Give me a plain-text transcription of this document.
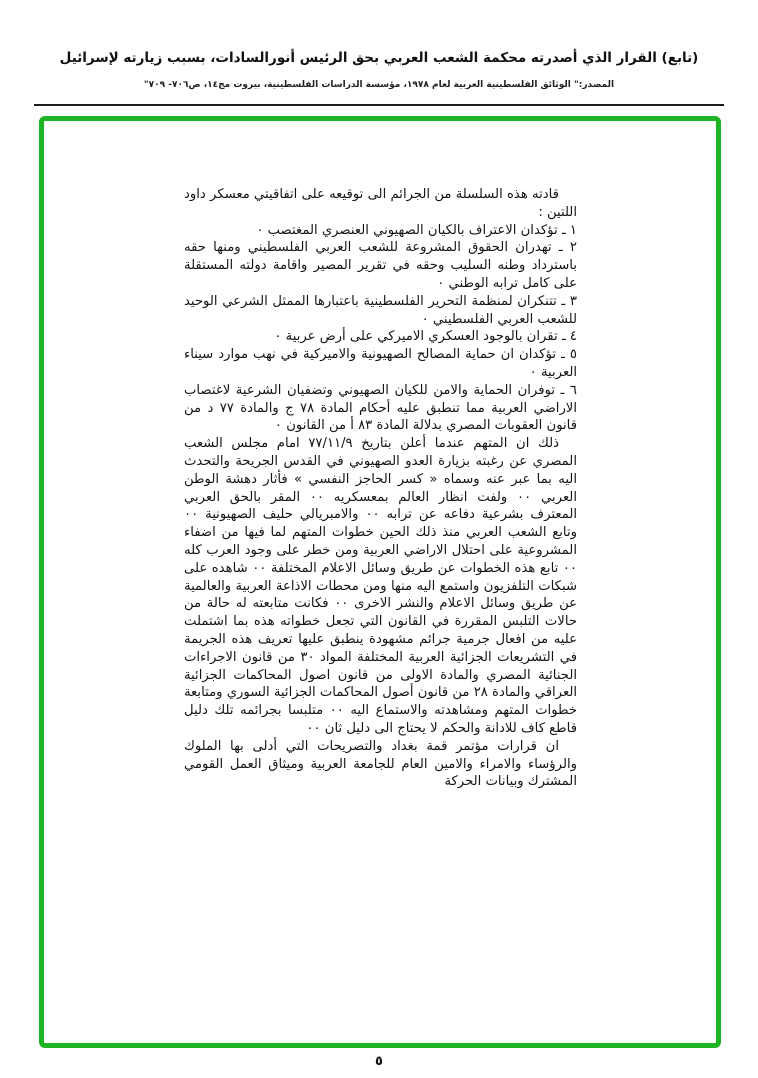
(تابع) القرار الذي أصدرته محكمة الشعب العربي بحق الرئيس أنورالسادات، بسبب زيارته لإسرائيل
المصدر:" الوثائق الفلسطينية العربية لعام ١٩٧٨، مؤسسة الدراسات الفلسطينية، بيروت مج١٤، ص٧٠٦- ٧٠٩"

قادته هذه السلسلة من الجرائم الى توقيعه على اتفاقيتي معسكر داود اللتين :

١ ـ تؤكدان الاعتراف بالكيان الصهيوني العنصري المغتصب ٠

٢ ـ تهدران الحقوق المشروعة للشعب العربي الفلسطيني ومنها حقه باسترداد وطنه السليب وحقه في تقرير المصير واقامة دولته المستقلة على كامل ترابه الوطني ٠

٣ ـ تتنكران لمنظمة التحرير الفلسطينية باعتبارها الممثل الشرعي الوحيد للشعب العربي الفلسطيني ٠

٤ ـ تقران بالوجود العسكري الاميركي على أرض عربية ٠

٥ ـ تؤكدان ان حماية المصالح الصهيونية والاميركية في نهب موارد سيناء العربية ٠

٦ ـ توفران الحماية والامن للكيان الصهيوني وتضفيان الشرعية لاغتصاب الاراضي العربية مما تنطبق عليه أحكام المادة ٧٨ ج والمادة ٧٧ د من قانون العقوبات المصري بدلالة المادة ٨٣ أ من القانون ٠

ذلك ان المتهم عندما أعلن بتاريخ ٧٧/١١/٩ امام مجلس الشعب المصري عن رغبته بزيارة العدو الصهيوني في القدس الجريحة والتحدث اليه بما عبر عنه وسماه « كسر الحاجز النفسي » فأثار دهشة الوطن العربي ٠٠ ولفت انظار العالم بمعسكريه ٠٠ المقر بالحق العربي المعترف بشرعية دفاعه عن ترابه ٠٠ والامبريالي حليف الصهيونية ٠٠ وتابع الشعب العربي منذ ذلك الحين خطوات المتهم لما فيها من اضفاء المشروعية على احتلال الاراضي العربية ومن خطر على وجود العرب كله ٠٠ تابع هذه الخطوات عن طريق وسائل الاعلام المختلفة ٠٠ شاهده على شبكات التلفزيون واستمع اليه منها ومن محطات الاذاعة العربية والعالمية عن طريق وسائل الاعلام والنشر الاخرى ٠٠ فكانت متابعته له حالة من حالات التلبس المقررة في القانون التي تجعل خطواته هذه بما اشتملت عليه من افعال جرمية جرائم مشهودة ينطبق عليها تعريف هذه الجريمة في التشريعات الجزائية العربية المختلفة المواد ٣٠ من قانون الاجراءات الجنائية المصري والمادة الاولى من قانون اصول المحاكمات الجزائية العراقي والمادة ٢٨ من قانون أصول المحاكمات الجزائية السوري ومتابعة خطوات المتهم ومشاهدته والاستماع اليه ٠٠ متلبسا بجرائمه تلك دليل قاطع كاف للادانة والحكم لا يحتاج الى دليل ثان ٠٠

ان قرارات مؤتمر قمة بغداد والتصريحات التي أدلى بها الملوك والرؤساء والامراء والامين العام للجامعة العربية وميثاق العمل القومي المشترك وبيانات الحركة

٥
